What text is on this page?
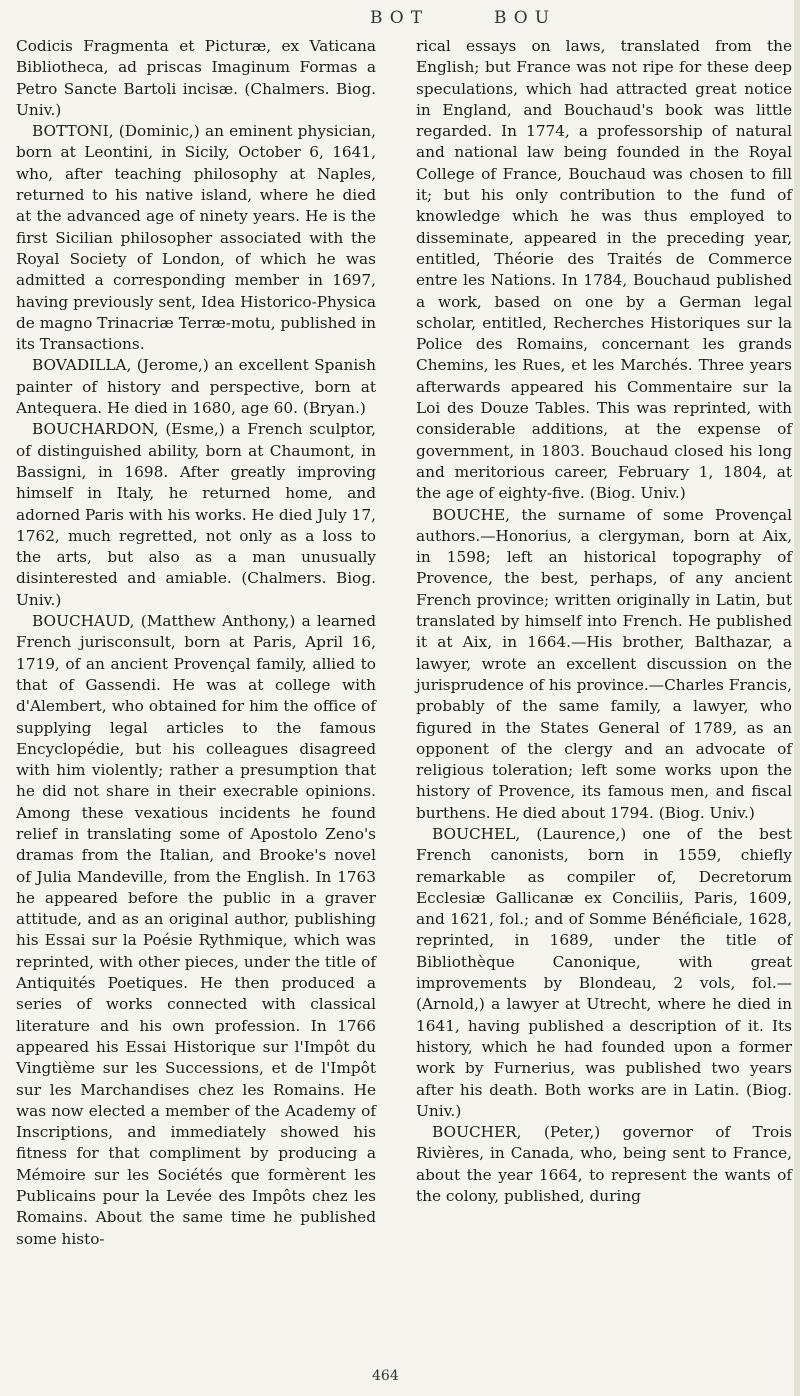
BOT	BOU

Codicis Fragmenta et Picturæ, ex Vaticana Bibliotheca, ad priscas Imaginum Formas a Petro Sancte Bartoli incisæ. (Chalmers. Biog. Univ.)

BOTTONI, (Dominic,) an eminent physician, born at Leontini, in Sicily, October 6, 1641, who, after teaching philosophy at Naples, returned to his native island, where he died at the advanced age of ninety years. He is the first Sicilian philosopher associated with the Royal Society of London, of which he was admitted a corresponding member in 1697, having previously sent, Idea Historico-Physica de magno Trinacriæ Terræ-motu, published in its Transactions.

BOVADILLA, (Jerome,) an excellent Spanish painter of history and perspective, born at Antequera. He died in 1680, age 60. (Bryan.)

BOUCHARDON, (Esme,) a French sculptor, of distinguished ability, born at Chaumont, in Bassigni, in 1698. After greatly improving himself in Italy, he returned home, and adorned Paris with his works. He died July 17, 1762, much regretted, not only as a loss to the arts, but also as a man unusually disinterested and amiable. (Chalmers. Biog. Univ.)

BOUCHAUD, (Matthew Anthony,) a learned French jurisconsult, born at Paris, April 16, 1719, of an ancient Provençal family, allied to that of Gassendi. He was at college with d'Alembert, who obtained for him the office of supplying legal articles to the famous Encyclopédie, but his colleagues disagreed with him violently; rather a presumption that he did not share in their execrable opinions. Among these vexatious incidents he found relief in translating some of Apostolo Zeno's dramas from the Italian, and Brooke's novel of Julia Mandeville, from the English. In 1763 he appeared before the public in a graver attitude, and as an original author, publishing his Essai sur la Poésie Rythmique, which was reprinted, with other pieces, under the title of Antiquités Poetiques. He then produced a series of works connected with classical literature and his own profession. In 1766 appeared his Essai Historique sur l'Impôt du Vingtième sur les Successions, et de l'Impôt sur les Marchandises chez les Romains. He was now elected a member of the Academy of Inscriptions, and immediately showed his fitness for that compliment by producing a Mémoire sur les Sociétés que formèrent les Publicains pour la Levée des Impôts chez les Romains. About the same time he published some histo-

rical essays on laws, translated from the English; but France was not ripe for these deep speculations, which had attracted great notice in England, and Bouchaud's book was little regarded. In 1774, a professorship of natural and national law being founded in the Royal College of France, Bouchaud was chosen to fill it; but his only contribution to the fund of knowledge which he was thus employed to disseminate, appeared in the preceding year, entitled, Théorie des Traités de Commerce entre les Nations. In 1784, Bouchaud published a work, based on one by a German legal scholar, entitled, Recherches Historiques sur la Police des Romains, concernant les grands Chemins, les Rues, et les Marchés. Three years afterwards appeared his Commentaire sur la Loi des Douze Tables. This was reprinted, with considerable additions, at the expense of government, in 1803. Bouchaud closed his long and meritorious career, February 1, 1804, at the age of eighty-five. (Biog. Univ.)

BOUCHE, the surname of some Provençal authors.—Honorius, a clergyman, born at Aix, in 1598; left an historical topography of Provence, the best, perhaps, of any ancient French province; written originally in Latin, but translated by himself into French. He published it at Aix, in 1664.—His brother, Balthazar, a lawyer, wrote an excellent discussion on the jurisprudence of his province.—Charles Francis, probably of the same family, a lawyer, who figured in the States General of 1789, as an opponent of the clergy and an advocate of religious toleration; left some works upon the history of Provence, its famous men, and fiscal burthens. He died about 1794. (Biog. Univ.)

BOUCHEL, (Laurence,) one of the best French canonists, born in 1559, chiefly remarkable as compiler of, Decretorum Ecclesiæ Gallicanæ ex Conciliis, Paris, 1609, and 1621, fol.; and of Somme Bénéficiale, 1628, reprinted, in 1689, under the title of Bibliothèque Canonique, with great improvements by Blondeau, 2 vols, fol.—(Arnold,) a lawyer at Utrecht, where he died in 1641, having published a description of it. Its history, which he had founded upon a former work by Furnerius, was published two years after his death. Both works are in Latin. (Biog. Univ.)

BOUCHER, (Peter,) governor of Trois Rivières, in Canada, who, being sent to France, about the year 1664, to represent the wants of the colony, published, during

464
